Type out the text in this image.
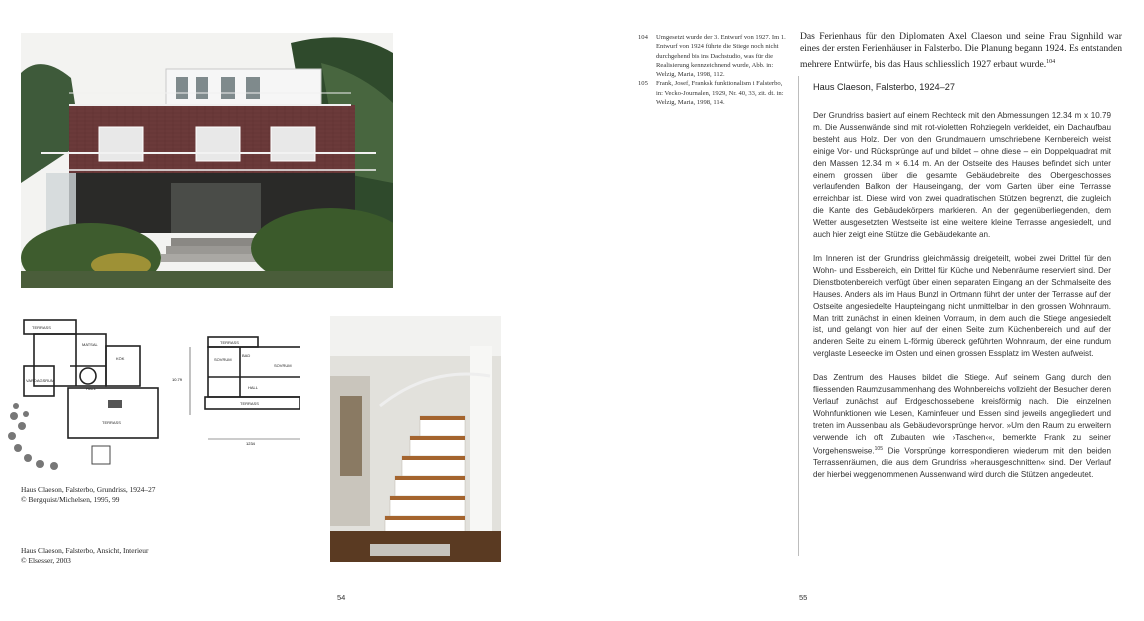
TERRASS
MATSAL
KÖK
VARDAGSRUM
HALL
TERRASS
TERRASS
SOVRUM
BAD
SOVRUM
HALL
TERRASS
1234
10.79
Haus Claeson, Falsterbo, Grundriss, 1924–27
© Bergquist/Michelsen, 1995, 99
Haus Claeson, Falsterbo, Ansicht, Interieur
© Elsesser, 2003
54
104	Umgesetzt wurde der 3. Entwurf von 1927. Im 1. Entwurf von 1924 führte die Stiege noch nicht durchgehend bis ins Dachstudio, was für die Realisierung kennzeichnend wurde, Abb. in: Welzig, Maria, 1998, 112.
105	Frank, Josef, Franksk funktionalism i Falsterbo, in: Vecko-Journalen, 1929, Nr. 40, 33, zit. dt. in: Welzig, Maria, 1998, 114.
Das Ferienhaus für den Diplomaten Axel Claeson und seine Frau Signhild war eines der ersten Ferienhäuser in Falsterbo. Die Planung begann 1924. Es entstanden mehrere Entwürfe, bis das Haus schliesslich 1927 erbaut wurde.$^{104}$
Haus Claeson, Falsterbo, 1924–27

Der Grundriss basiert auf einem Rechteck mit den Abmessungen 12.34 m x 10.79 m. Die Aussenwände sind mit rot-violetten Rohziegeln verkleidet, ein Dachaufbau besteht aus Holz. Der von den Grundmauern umschriebene Kernbereich weist einige Vor- und Rücksprünge auf und bildet – ohne diese – ein Doppelquadrat mit den Massen 12.34 m × 6.14 m. An der Ostseite des Hauses befindet sich unter einem grossen über die gesamte Gebäudebreite des Obergeschosses verlaufenden Balkon der Hauseingang, der vom Garten über eine Terrasse erreichbar ist. Diese wird von zwei quadratischen Stützen begrenzt, die zugleich die Kante des Gebäudekörpers markieren. An der gegenüberliegenden, dem Wetter ausgesetzten Westseite ist eine weitere kleine Terrasse angesiedelt, und auch hier zeigt eine Stütze die Gebäudekante an.

Im Inneren ist der Grundriss gleichmässig dreigeteilt, wobei zwei Drittel für den Wohn- und Essbereich, ein Drittel für Küche und Nebenräume reserviert sind. Der Dienstbotenbereich verfügt über einen separaten Eingang an der Schmalseite des Hauses. Anders als im Haus Bunzl in Ortmann führt der unter der Terrasse auf der Ostseite angesiedelte Haupteingang nicht unmittelbar in den grossen Wohnraum. Man tritt zunächst in einen kleinen Vorraum, in dem auch die Stiege angesiedelt ist, und gelangt von hier auf der einen Seite zum Küchenbereich und auf der anderen Seite zu einem L-förmig übereck geführten Wohnraum, der eine rundum verglaste Leseecke im Osten und einen grossen Essplatz im Westen aufweist.

Das Zentrum des Hauses bildet die Stiege. Auf seinem Gang durch den fliessenden Raumzusammenhang des Wohnbereichs vollzieht der Besucher deren Verlauf zunächst auf Erdgeschossebene kreisförmig nach. Die einzelnen Wohnfunktionen wie Lesen, Kaminfeuer und Essen sind jeweils angegliedert und treten im Aussenbau als Gebäudevorsprünge hervor. »Um den Raum zu erweitern verwende ich oft Zubauten wie ›Taschen‹«, bemerkte Frank zu seiner Vorgehensweise.$^{105}$ Die Vorsprünge korrespondieren wiederum mit den beiden Terrassenräumen, die aus dem Grundriss »herausgeschnitten« sind. Der Verlauf der hierbei weggenommenen Aussenwand wird durch die Stützen angedeutet.

55
